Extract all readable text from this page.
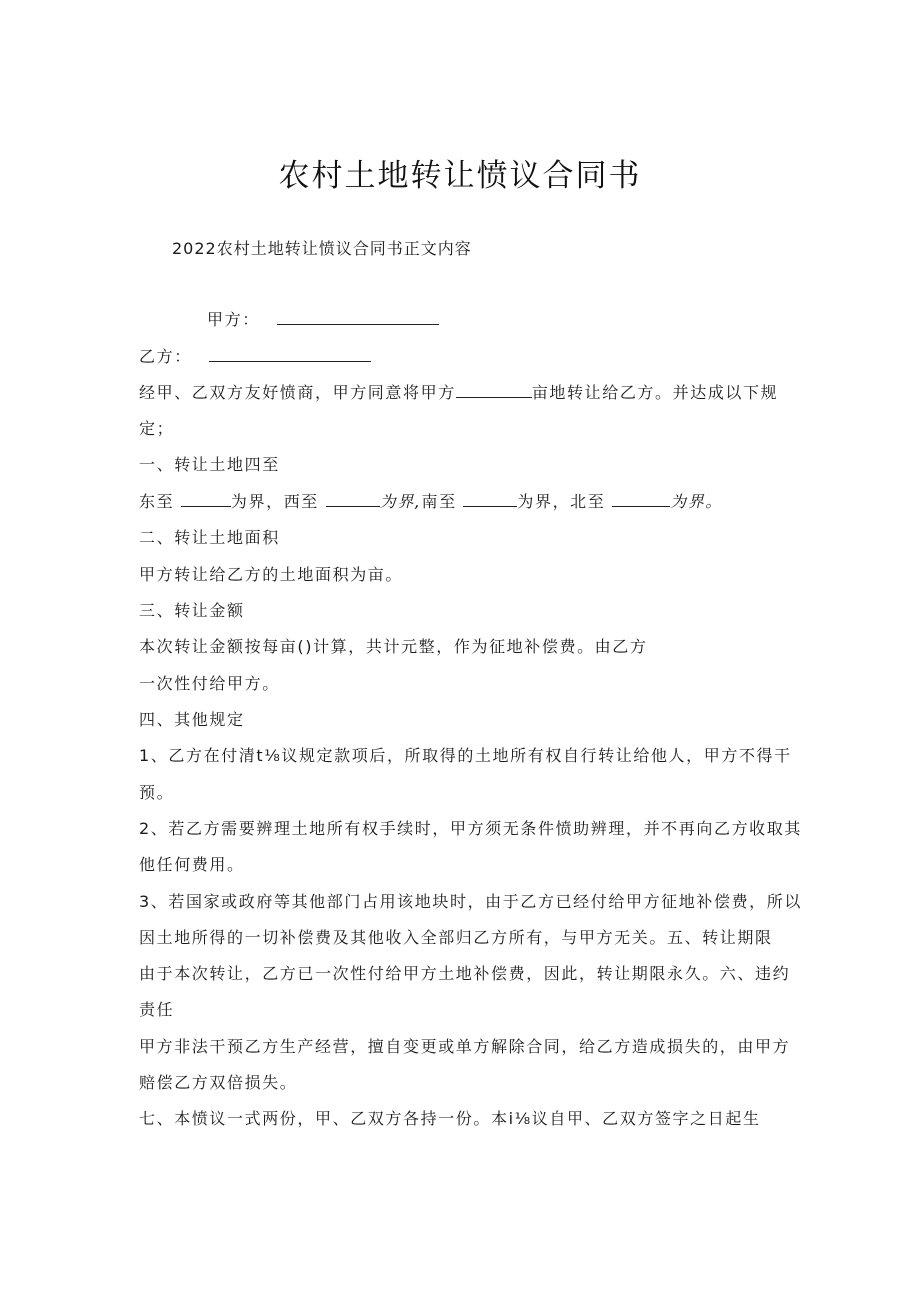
农村土地转让愤议合同书
2022农村土地转让愤议合同书正文内容
甲方：
乙方：
经甲、乙双方友好愤商，甲方同意将甲方	亩地转让给乙方。并达成以下规
定；
一、转让土地四至
东至	为界，西至	为界,南至	为界，北至	为界。
二、转让土地面积
甲方转让给乙方的土地面积为亩。
三、转让金额
本次转让金额按每亩()计算，共计元整，作为征地补偿费。由乙方
一次性付给甲方。
四、其他规定
1、乙方在付清t⅛议规定款项后，所取得的土地所有权自行转让给他人，甲方不得干
预。
2、若乙方需要辨理土地所有权手续时，甲方须无条件愤助辨理，并不再向乙方收取其
他任何费用。
3、若国家或政府等其他部门占用该地块时，由于乙方已经付给甲方征地补偿费，所以
因土地所得的一切补偿费及其他收入全部归乙方所有，与甲方无关。五、转让期限
由于本次转让，乙方已一次性付给甲方土地补偿费，因此，转让期限永久。六、违约
责任
甲方非法干预乙方生产经营，擅自变更或单方解除合同，给乙方造成损失的，由甲方
赔偿乙方双倍损失。
七、本愤议一式两份，甲、乙双方各持一份。本i⅛议自甲、乙双方签字之日起生
